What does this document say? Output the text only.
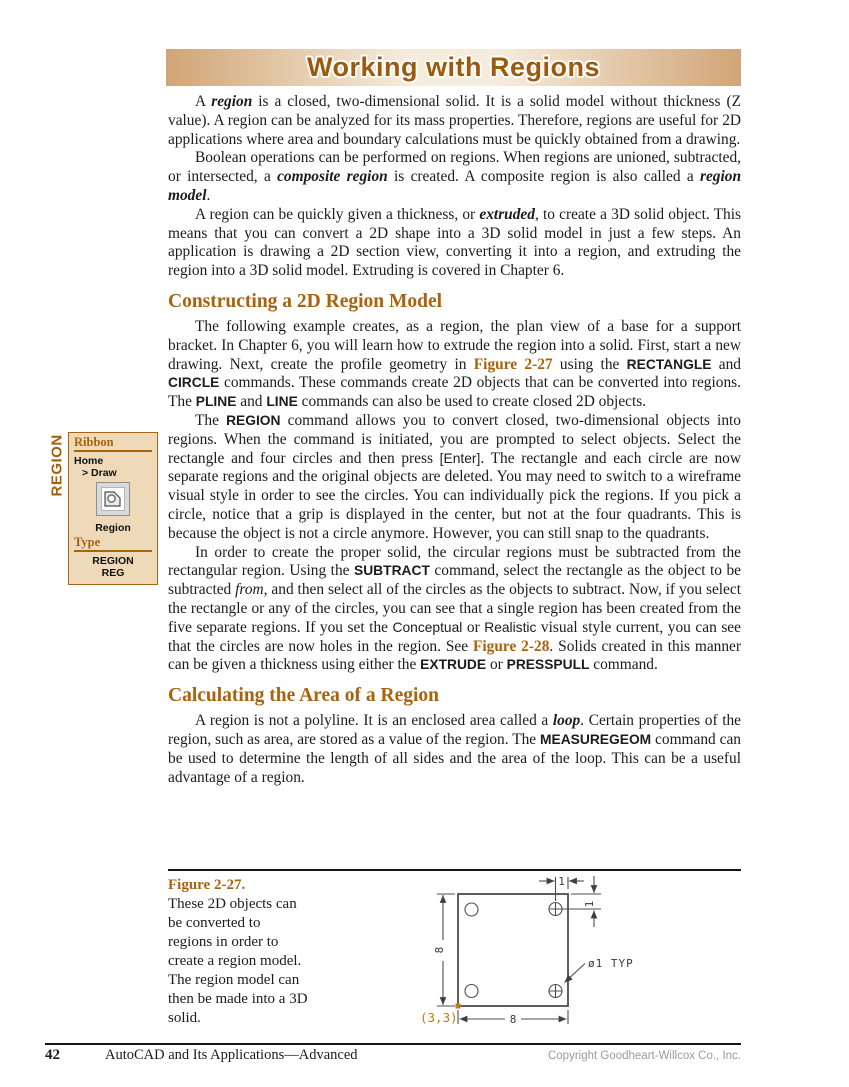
Working with Regions

A region is a closed, two-dimensional solid. It is a solid model without thickness (Z value). A region can be analyzed for its mass properties. Therefore, regions are useful for 2D applications where area and boundary calculations must be quickly obtained from a drawing.

Boolean operations can be performed on regions. When regions are unioned, subtracted, or intersected, a composite region is created. A composite region is also called a region model.

A region can be quickly given a thickness, or extruded, to create a 3D solid object. This means that you can convert a 2D shape into a 3D solid model in just a few steps. An application is drawing a 2D section view, converting it into a region, and extruding the region into a 3D solid model. Extruding is covered in Chapter 6.

Constructing a 2D Region Model

The following example creates, as a region, the plan view of a base for a support bracket. In Chapter 6, you will learn how to extrude the region into a solid. First, start a new drawing. Next, create the profile geometry in Figure 2-27 using the RECTANGLE and CIRCLE commands. These commands create 2D objects that can be converted into regions. The PLINE and LINE commands can also be used to create closed 2D objects.

The REGION command allows you to convert closed, two-dimensional objects into regions. When the command is initiated, you are prompted to select objects. Select the rectangle and four circles and then press [Enter]. The rectangle and each circle are now separate regions and the original objects are deleted. You may need to switch to a wireframe visual style in order to see the circles. You can individually pick the regions. If you pick a circle, notice that a grip is displayed in the center, but not at the four quadrants. This is because the object is not a circle anymore. However, you can still snap to the quadrants.

In order to create the proper solid, the circular regions must be subtracted from the rectangular region. Using the SUBTRACT command, select the rectangle as the object to be subtracted from, and then select all of the circles as the objects to subtract. Now, if you select the rectangle or any of the circles, you can see that a single region has been created from the five separate regions. If you set the Conceptual or Realistic visual style current, you can see that the circles are now holes in the region. See Figure 2-28. Solids created in this manner can be given a thickness using either the EXTRUDE or PRESSPULL command.

Calculating the Area of a Region

A region is not a polyline. It is an enclosed area called a loop. Certain properties of the region, such as area, are stored as a value of the region. The MEASUREGEOM command can be used to determine the length of all sides and the area of the loop. This can be a useful advantage of a region.

REGION Ribbon
Home
> Draw
Region
Type
REGION
REG
Figure 2-27.
These 2D objects can be converted to regions in order to create a region model. The region model can then be made into a 3D solid.	8
8
1
1
ø1 TYP
(3,3)
42	AutoCAD and Its Applications—Advanced	Copyright Goodheart-Willcox Co., Inc.
